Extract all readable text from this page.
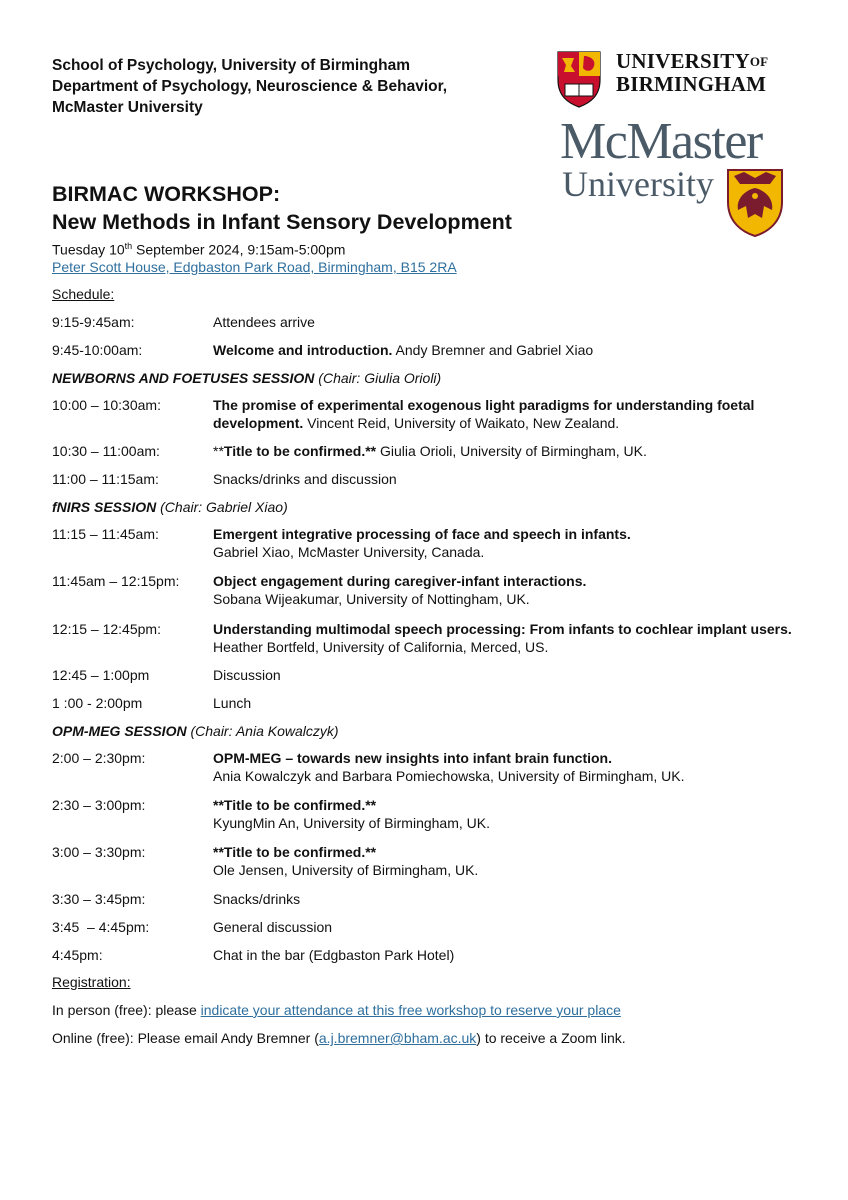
School of Psychology, University of Birmingham
Department of Psychology, Neuroscience & Behavior,
McMaster University
$UNIVERSITY^{OF}$
BIRMINGHAM
McMaster
University
BIRMAC WORKSHOP:
New Methods in Infant Sensory Development
Tuesday 10th September 2024, 9:15am-5:00pm
Peter Scott House, Edgbaston Park Road, Birmingham, B15 2RA
Schedule:
9:15-9:45am:	Attendees arrive
9:45-10:00am:	Welcome and introduction. Andy Bremner and Gabriel Xiao
NEWBORNS AND FOETUSES SESSION (Chair: Giulia Orioli)
10:00 – 10:30am:	The promise of experimental exogenous light paradigms for understanding foetal development. Vincent Reid, University of Waikato, New Zealand.
10:30 – 11:00am:	**Title to be confirmed.** Giulia Orioli, University of Birmingham, UK.
11:00 – 11:15am:	Snacks/drinks and discussion
fNIRS SESSION (Chair: Gabriel Xiao)
11:15 – 11:45am:	Emergent integrative processing of face and speech in infants.
Gabriel Xiao, McMaster University, Canada.
11:45am – 12:15pm:	Object engagement during caregiver-infant interactions.
Sobana Wijeakumar, University of Nottingham, UK.
12:15 – 12:45pm:	Understanding multimodal speech processing: From infants to cochlear implant users.
Heather Bortfeld, University of California, Merced, US.
12:45 – 1:00pm	Discussion
1 :00 - 2:00pm	Lunch
OPM-MEG SESSION (Chair: Ania Kowalczyk)
2:00 – 2:30pm:	OPM-MEG – towards new insights into infant brain function.
Ania Kowalczyk and Barbara Pomiechowska, University of Birmingham, UK.
2:30 – 3:00pm:	**Title to be confirmed.**
KyungMin An, University of Birmingham, UK.
3:00 – 3:30pm:	**Title to be confirmed.**
Ole Jensen, University of Birmingham, UK.
3:30 – 3:45pm:	Snacks/drinks
3:45  – 4:45pm:	General discussion
4:45pm:	Chat in the bar (Edgbaston Park Hotel)
Registration:
In person (free): please indicate your attendance at this free workshop to reserve your place
Online (free): Please email Andy Bremner (a.j.bremner@bham.ac.uk) to receive a Zoom link.
